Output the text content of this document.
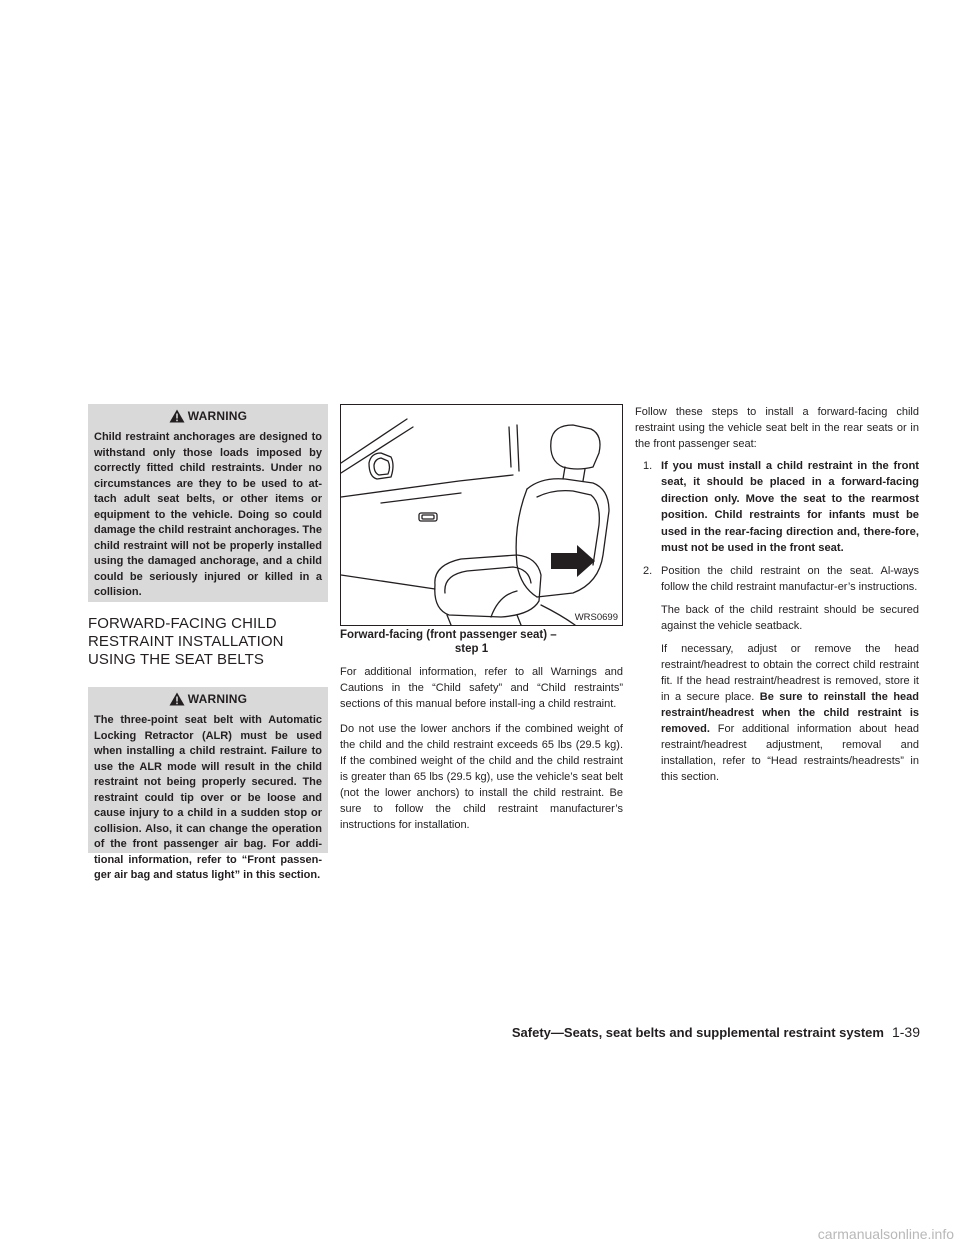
WARNING

Child restraint anchorages are designed to withstand only those loads imposed by correctly fitted child restraints. Under no circumstances are they to be used to at-tach adult seat belts, or other items or equipment to the vehicle. Doing so could damage the child restraint anchorages. The child restraint will not be properly installed using the damaged anchorage, and a child could be seriously injured or killed in a collision.

FORWARD-FACING CHILD RESTRAINT INSTALLATION USING THE SEAT BELTS
WARNING

The three-point seat belt with Automatic Locking Retractor (ALR) must be used when installing a child restraint. Failure to use the ALR mode will result in the child restraint not being properly secured. The restraint could tip over or be loose and cause injury to a child in a sudden stop or collision. Also, it can change the operation of the front passenger air bag. For addi-tional information, refer to “Front passen-ger air bag and status light” in this section.

WRS0699
Forward-facing (front passenger seat) –
step 1

For additional information, refer to all Warnings and Cautions in the “Child safety” and “Child restraints” sections of this manual before install-ing a child restraint.

Do not use the lower anchors if the combined weight of the child and the child restraint exceeds 65 lbs (29.5 kg). If the combined weight of the child and the child restraint is greater than 65 lbs (29.5 kg), use the vehicle’s seat belt (not the lower anchors) to install the child restraint. Be sure to follow the child restraint manufacturer’s instructions for installation.

Follow these steps to install a forward-facing child restraint using the vehicle seat belt in the rear seats or in the front passenger seat:

1. If you must install a child restraint in the front seat, it should be placed in a forward-facing direction only. Move the seat to the rearmost position. Child restraints for infants must be used in the rear-facing direction and, there-fore, must not be used in the front seat.

2. Position the child restraint on the seat. Al-ways follow the child restraint manufactur-er’s instructions.

The back of the child restraint should be secured against the vehicle seatback.

If necessary, adjust or remove the head restraint/headrest to obtain the correct child restraint fit. If the head restraint/headrest is removed, store it in a secure place. Be sure to reinstall the head restraint/headrest when the child restraint is removed. For additional information about head restraint/headrest adjustment, removal and installation, refer to “Head restraints/headrests” in this section.

Safety—Seats, seat belts and supplemental restraint system 1-39
carmanualsonline.info
